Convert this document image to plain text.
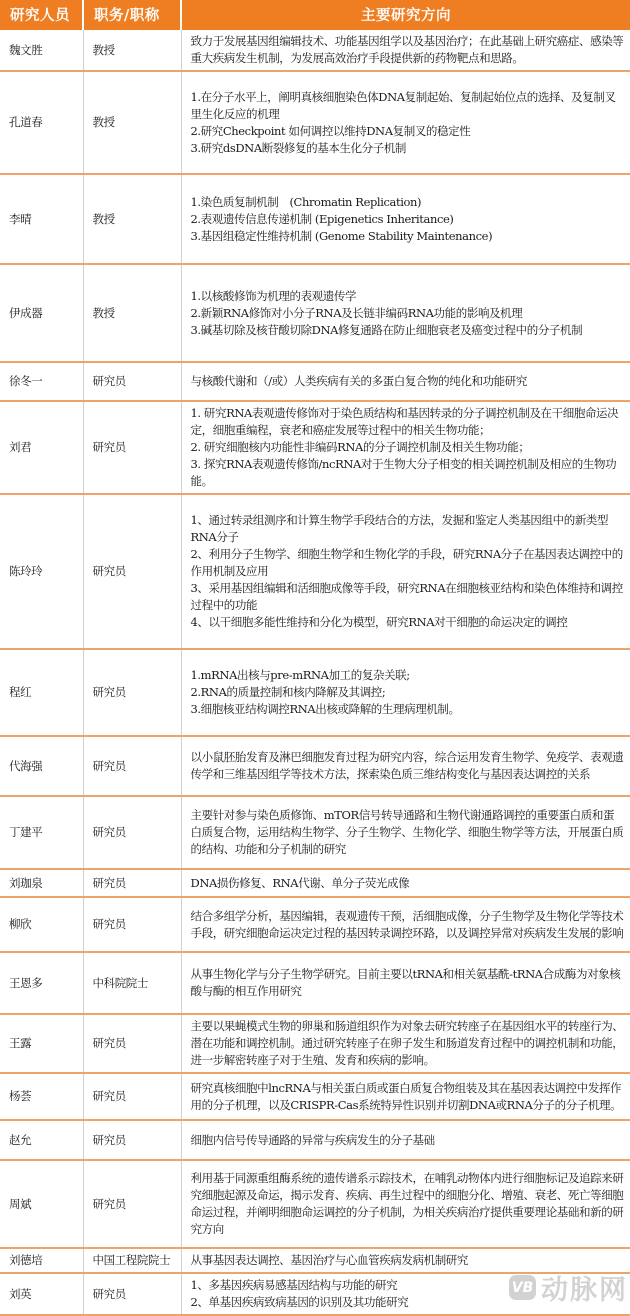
研究人员	职务/职称	主要研究方向
魏文胜	教授	致力于发展基因组编辑技术、功能基因组学以及基因治疗；在此基础上研究癌症、感染等重大疾病发生机制，为发展高效治疗手段提供新的药物靶点和思路。

孔道春	教授	1.在分子水平上，阐明真核细胞染色体DNA复制起始、复制起始位点的选择、及复制叉里生化反应的机理
2.研究Checkpoint 如何调控以维持DNA复制叉的稳定性
3.研究dsDNA断裂修复的基本生化分子机制

李晴	教授	1.染色质复制机制　(Chromatin Replication)
2.表观遗传信息传递机制 (Epigenetics Inheritance)
3.基因组稳定性维持机制 (Genome Stability Maintenance)

伊成器	教授	1.以核酸修饰为机理的表观遗传学
2.新颖RNA修饰对小分子RNA及长链非编码RNA功能的影响及机理
3.碱基切除及核苷酸切除DNA修复通路在防止细胞衰老及癌变过程中的分子机制

徐冬一	研究员	与核酸代谢和（/或）人类疾病有关的多蛋白复合物的纯化和功能研究

刘君	研究员	1. 研究RNA表观遗传修饰对于染色质结构和基因转录的分子调控机制及在干细胞命运决定，细胞重编程，衰老和癌症发展等过程中的相关生物功能；
2. 研究细胞核内功能性非编码RNA的分子调控机制及相关生物功能；
3. 探究RNA表观遗传修饰/ncRNA对于生物大分子相变的相关调控机制及相应的生物功能。

陈玲玲	研究员	1、通过转录组测序和计算生物学手段结合的方法，发掘和鉴定人类基因组中的新类型RNA分子
2、利用分子生物学、细胞生物学和生物化学的手段，研究RNA分子在基因表达调控中的作用机制及应用
3、采用基因组编辑和活细胞成像等手段，研究RNA在细胞核亚结构和染色体维持和调控过程中的功能
4、以干细胞多能性维持和分化为模型，研究RNA对干细胞的命运决定的调控

程红	研究员	1.mRNA出核与pre-mRNA加工的复杂关联;
2.RNA的质量控制和核内降解及其调控;
3.细胞核亚结构调控RNA出核或降解的生理病理机制。

代海强	研究员	以小鼠胚胎发育及淋巴细胞发育过程为研究内容，综合运用发育生物学、免疫学、表观遗传学和三维基因组学等技术方法，探索染色质三维结构变化与基因表达调控的关系

丁建平	研究员	主要针对参与染色质修饰、mTOR信号转导通路和生物代谢通路调控的重要蛋白质和蛋白质复合物，运用结构生物学、分子生物学、生物化学、细胞生物学等方法，开展蛋白质的结构、功能和分子机制的研究

刘珈泉	研究员	DNA损伤修复、RNA代谢、单分子荧光成像

柳欣	研究员	结合多组学分析，基因编辑，表观遗传干预，活细胞成像，分子生物学及生物化学等技术手段，研究细胞命运决定过程的基因转录调控环路，以及调控异常对疾病发生发展的影响

王恩多	中科院院士	从事生物化学与分子生物学研究。目前主要以tRNA和相关氨基酰-tRNA合成酶为对象核酸与酶的相互作用研究

王露	研究员	主要以果蝇模式生物的卵巢和肠道组织作为对象去研究转座子在基因组水平的转座行为、潜在功能和调控机制。通过研究转座子在卵子发生和肠道发育过程中的调控机制和功能，进一步解密转座子对于生殖、发育和疾病的影响。

杨荟	研究员	研究真核细胞中lncRNA与相关蛋白质或蛋白质复合物组装及其在基因表达调控中发挥作用的分子机理，以及CRISPR-Cas系统特异性识别并切割DNA或RNA分子的分子机理。

赵允	研究员	细胞内信号传导通路的异常与疾病发生的分子基础

周斌	研究员	利用基于同源重组酶系统的遗传谱系示踪技术，在哺乳动物体内进行细胞标记及追踪来研究细胞起源及命运，揭示发育、疾病、再生过程中的细胞分化、增殖、衰老、死亡等细胞命运过程，并阐明细胞命运调控的分子机制，为相关疾病治疗提供重要理论基础和新的研究方向

刘德培	中国工程院院士	从事基因表达调控、基因治疗与心血管疾病发病机制研究

刘英	研究员	1、多基因疾病易感基因结构与功能的研究
2、单基因疾病致病基因的识别及其功能研究
VB 动脉网
